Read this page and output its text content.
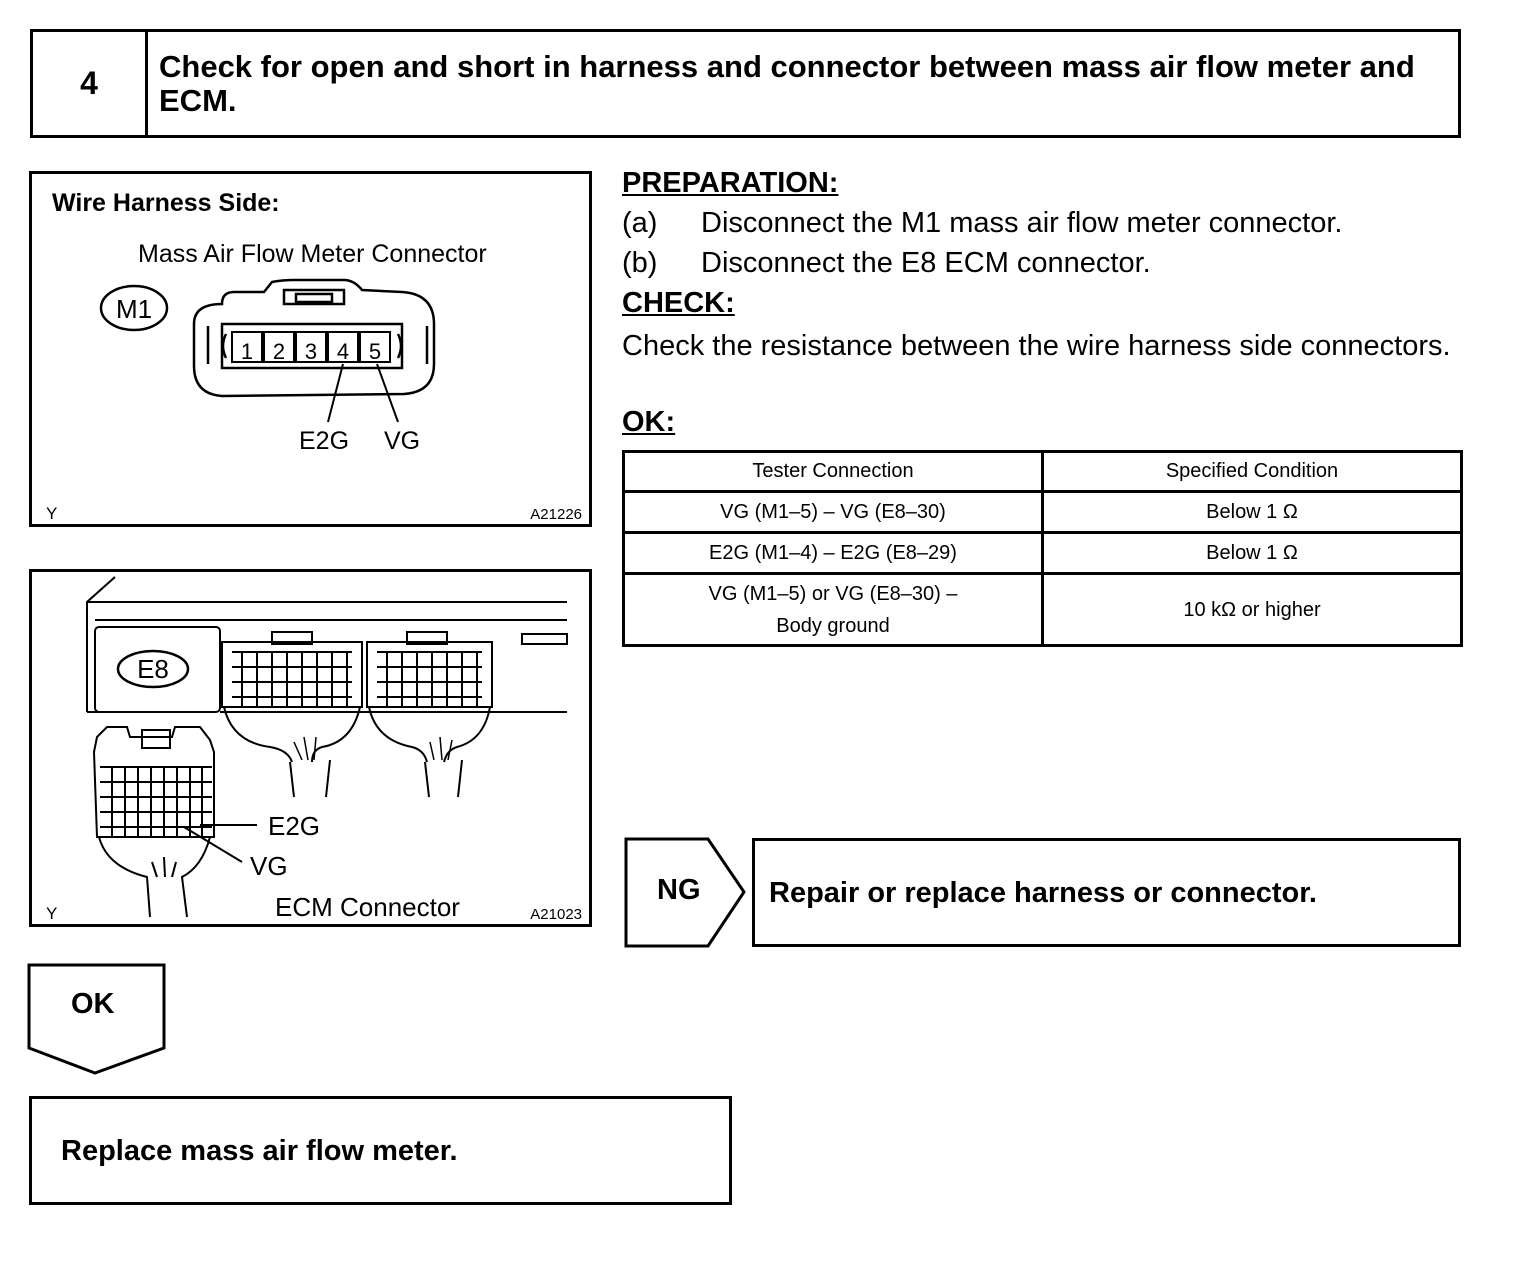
4	Check for open and short in harness and connector between mass air flow meter and ECM.
Wire Harness Side:
Mass Air Flow Meter Connector
M1
1 2 3 4 5
E2G VG
Y	A21226
E8
E2G
VG
ECM Connector
Y	A21023
PREPARATION:
(a) Disconnect the M1 mass air flow meter connector.
(b) Disconnect the E8 ECM connector.
CHECK:
Check the resistance between the wire harness side connectors.
OK:
Tester Connection	Specified Condition
VG (M1–5) – VG (E8–30)	Below 1 Ω
E2G (M1–4) – E2G (E8–29)	Below 1 Ω
VG (M1–5) or VG (E8–30) –
Body ground	10 kΩ or higher
NG Repair or replace harness or connector.
OK
Replace mass air flow meter.
